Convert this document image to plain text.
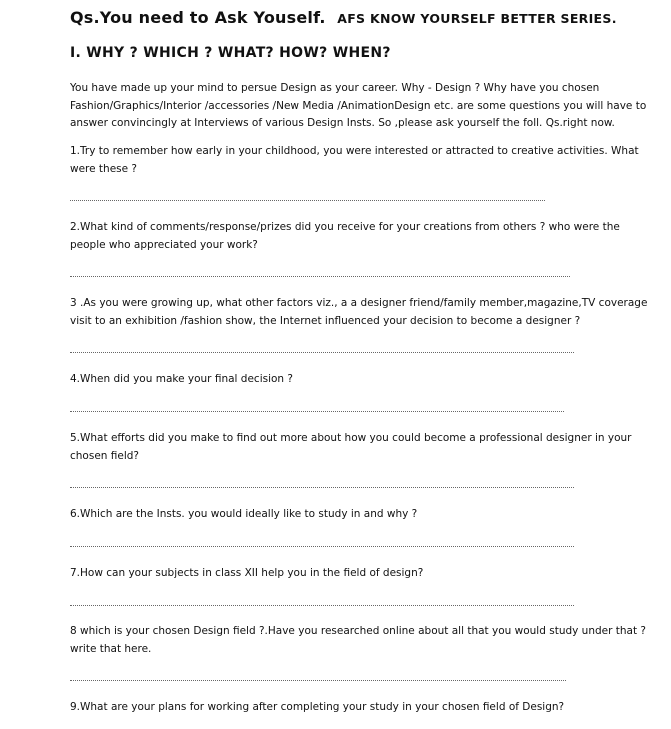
Qs.You need to Ask Youself. AFS KNOW YOURSELF BETTER SERIES.
I. WHY ? WHICH ? WHAT? HOW? WHEN?
You have made up your mind to persue Design as your career. Why - Design ? Why have you chosen
Fashion/Graphics/Interior /accessories /New Media /AnimationDesign etc. are some questions you will have to
answer convincingly at Interviews of various Design Insts. So ,please ask yourself the foll. Qs.right now.
1.Try to remember how early in your childhood, you were interested or attracted to creative activities. What
were these ?
2.What kind of comments/response/prizes did you receive for your creations from others ? who were the
people who appreciated your work?
3 .As you were growing up, what other factors viz., a a designer friend/family member,magazine,TV coverage
visit to an exhibition /fashion show, the Internet influenced your decision to become a designer ?
4.When did you make your final decision ?
5.What efforts did you make to find out more about how you could become a professional designer in your
chosen field?
6.Which are the Insts. you would ideally like to study in and why ?
7.How can your subjects in class XII help you in the field of design?
8 which is your chosen Design field ?.Have you researched online about all that you would study under that ?
write that here.
9.What are your plans for working after completing your study in your chosen field of Design?
